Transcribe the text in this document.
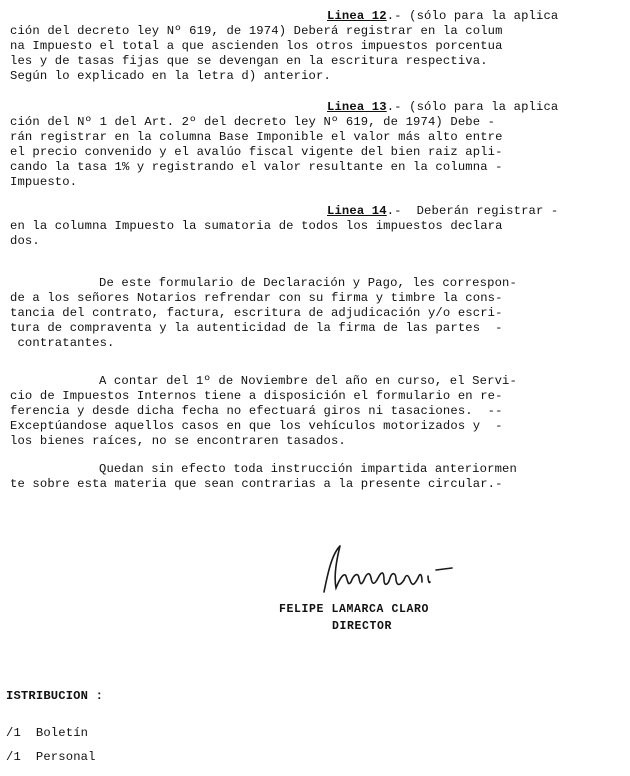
Linea 12.- (sólo para la aplica
ción del decreto ley Nº 619, de 1974) Deberá registrar en la colum
na Impuesto el total a que ascienden los otros impuestos porcentua
les y de tasas fijas que se devengan en la escritura respectiva.
Según lo explicado en la letra d) anterior.
Linea 13.- (sólo para la aplica
ción del Nº 1 del Art. 2º del decreto ley Nº 619, de 1974) Debe -
rán registrar en la columna Base Imponible el valor más alto entre
el precio convenido y el avalúo fiscal vigente del bien raiz apli-
cando la tasa 1% y registrando el valor resultante en la columna -
Impuesto.
Linea 14.-  Deberán registrar -
en la columna Impuesto la sumatoria de todos los impuestos declara
dos.
De este formulario de Declaración y Pago, les correspon-
de a los señores Notarios refrendar con su firma y timbre la cons-
tancia del contrato, factura, escritura de adjudicación y/o escri-
tura de compraventa y la autenticidad de la firma de las partes  -
contratantes.
A contar del 1º de Noviembre del año en curso, el Servi-
cio de Impuestos Internos tiene a disposición el formulario en re-
ferencia y desde dicha fecha no efectuará giros ni tasaciones.  --
Exceptúandose aquellos casos en que los vehículos motorizados y  -
los bienes raíces, no se encontraren tasados.
Quedan sin efecto toda instrucción impartida anteriormen
te sobre esta materia que sean contrarias a la presente circular.-
FELIPE LAMARCA CLARO
DIRECTOR
ISTRIBUCION :
/1 Boletín
/1 Personal
